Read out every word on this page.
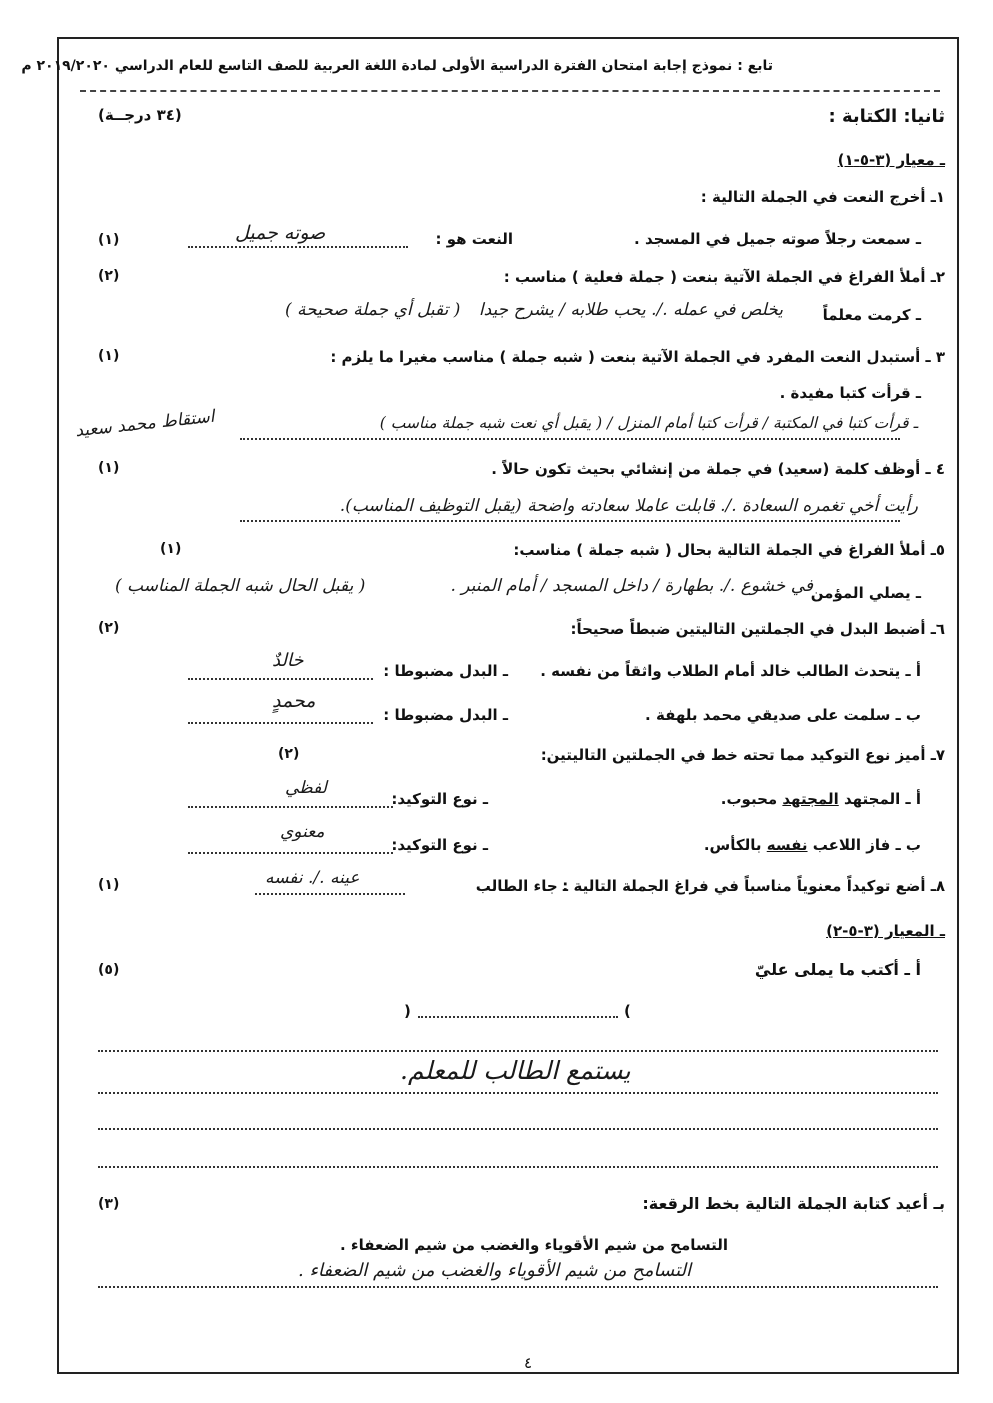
تابع : نموذج إجابة امتحان الفترة الدراسية الأولى لمادة اللغة العربية للصف التاسع للعام الدراسي ٢٠١٩/٢٠٢٠ م
ثانيا: الكتابة :
(٣٤ درجــة)
ـ معيار (٣-٥-١)
١ـ أخرج النعت في الجملة التالية :
ـ سمعت رجلاً صوته جميل في المسجد .
النعت هو :
صوته جميل
(١)
٢ـ أملأ الفراغ في الجملة الآتية بنعت ( جملة فعلية ) مناسب :
(٢)
ـ كرمت معلماً
يخلص في عمله ./. يحب طلابه / يشرح جيدا
( تقبل أي جملة صحيحة )
٣ ـ أستبدل النعت المفرد في الجملة الآتية بنعت ( شبه جملة ) مناسب مغيرا ما يلزم :
(١)
ـ قرأت كتبا مفيدة .
ـ قرأت كتبا في المكتبة / قرأت كتبا أمام المنزل / ( يقبل أي نعت شبه جملة مناسب )
استقاط محمد سعيد
٤ ـ أوظف كلمة (سعيد) في جملة من إنشائي بحيث تكون حالاً .
(١)
رأيت أخي تغمره السعادة ./. قابلت عاملا سعادته واضحة (يقبل التوظيف المناسب).
٥ـ أملأ الفراغ في الجملة التالية بحال ( شبه جملة ) مناسب:
(١)
ـ يصلي المؤمن
في خشوع ./. بطهارة / داخل المسجد / أمام المنبر .
( يقبل الحال شبه الجملة المناسب )
٦ـ أضبط البدل في الجملتين التاليتين ضبطاً صحيحاً:
(٢)
أ ـ يتحدث الطالب خالد أمام الطلاب واثقاً من نفسه .
ـ البدل مضبوطا :
خالدٌ
ب ـ سلمت على صديقي محمد بلهفة .
ـ البدل مضبوطا :
محمدٍ
٧ـ أميز نوع التوكيد مما تحته خط في الجملتين التاليتين:
(٢)
أ ـ المجتهد المجتهد محبوب.
ـ نوع التوكيد:
لفظي
ب ـ فاز اللاعب نفسه بالكأس.
ـ نوع التوكيد:
معنوي
٨ـ أضع توكيداً معنوياً مناسباً في فراغ الجملة التالية :
ـ جاء الطالب
عينه ./. نفسه
(١)
ـ المعيار (٣-٥-٢)
أ ـ أكتب ما يملى عليّ
(٥)
(	)
يستمع الطالب للمعلم.
بـ أعيد كتابة الجملة التالية بخط الرقعة:
(٣)
التسامح من شيم الأقوياء والغضب من شيم الضعفاء .
التسامح من شيم الأقوياء والغضب من شيم الضعفاء .
٤
